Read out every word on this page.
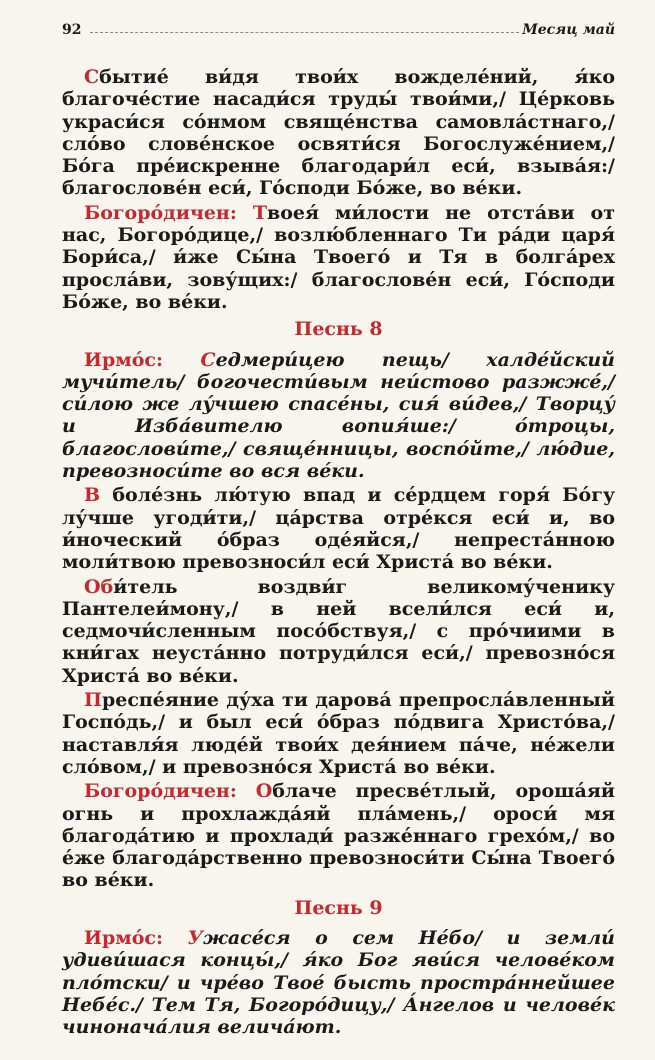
92	Месяц май

Сбытие́ ви́дя твои́х вожделе́ний, я́ко благоче́стие насади́ся труды́ твои́ми,/ Це́рковь украси́ся со́нмом свяще́нства самовла́стнаго,/ сло́во словéнское освяти́ся Богослуже́нием,/ Бо́га прéискренне благодари́л еси́, взыва́я:/ благослове́н еси́, Го́споди Бо́же, во ве́ки.

Богоро́дичен: Твоея́ ми́лости не отста́ви от нас, Богоро́дице,/ возлю́бленнаго Ти ра́ди царя́ Бори́са,/ и́же Сы́на Твоего́ и Тя в болга́рех просла́ви, зову́щих:/ благослове́н еси́, Го́споди Бо́же, во ве́ки.

Песнь 8

Ирмо́с: Седмери́цею пещь/ халде́йский мучи́тель/ богочести́вым неи́стово разжже́,/ си́лою же лу́чшею спасе́ны, сия́ ви́дев,/ Творцу́ и Изба́вителю вопия́ше:/ о́троцы, благослови́те,/ свяще́нницы, воспо́йте,/ лю́дие, превозноси́те во вся ве́ки.

В боле́знь лю́тую впад и се́рдцем горя́ Бо́гу лу́чше угоди́ти,/ ца́рства отре́кся еси́ и, во и́ноческий о́браз оде́яйся,/ непреста́нною моли́твою превозноси́л еси́ Христа́ во ве́ки.

Оби́тель воздви́г великому́ченику Пантелеи́мону,/ в ней всели́лся еси́ и, седмочи́сленным посо́бствуя,/ с про́чиими в кни́гах неуста́нно потруди́лся еси́,/ превозно́ся Христа́ во ве́ки.

Преспе́яние ду́ха ти дарова́ препросла́вленный Госпо́дь,/ и был еси́ о́браз по́двига Христо́ва,/ наставля́я люде́й твои́х дея́нием па́че, не́жели сло́вом,/ и превозно́ся Христа́ во ве́ки.

Богоро́дичен: Облаче пресве́тлый, ороша́яй огнь и прохлажда́яй пла́мень,/ ороси́ мя благода́тию и прохлади́ разже́ннаго грехо́м,/ во е́же благода́рственно превозноси́ти Сы́на Твоего́ во ве́ки.

Песнь 9

Ирмо́с: Ужасе́ся о сем Не́бо/ и земли́ удиви́шася концы́,/ я́ко Бог яви́ся челове́ком пло́тски/ и чре́во Твое́ бысть простра́ннейшее Небе́с./ Тем Тя, Богоро́дицу,/ А́нгелов и челове́к чинонача́лия велича́ют.
